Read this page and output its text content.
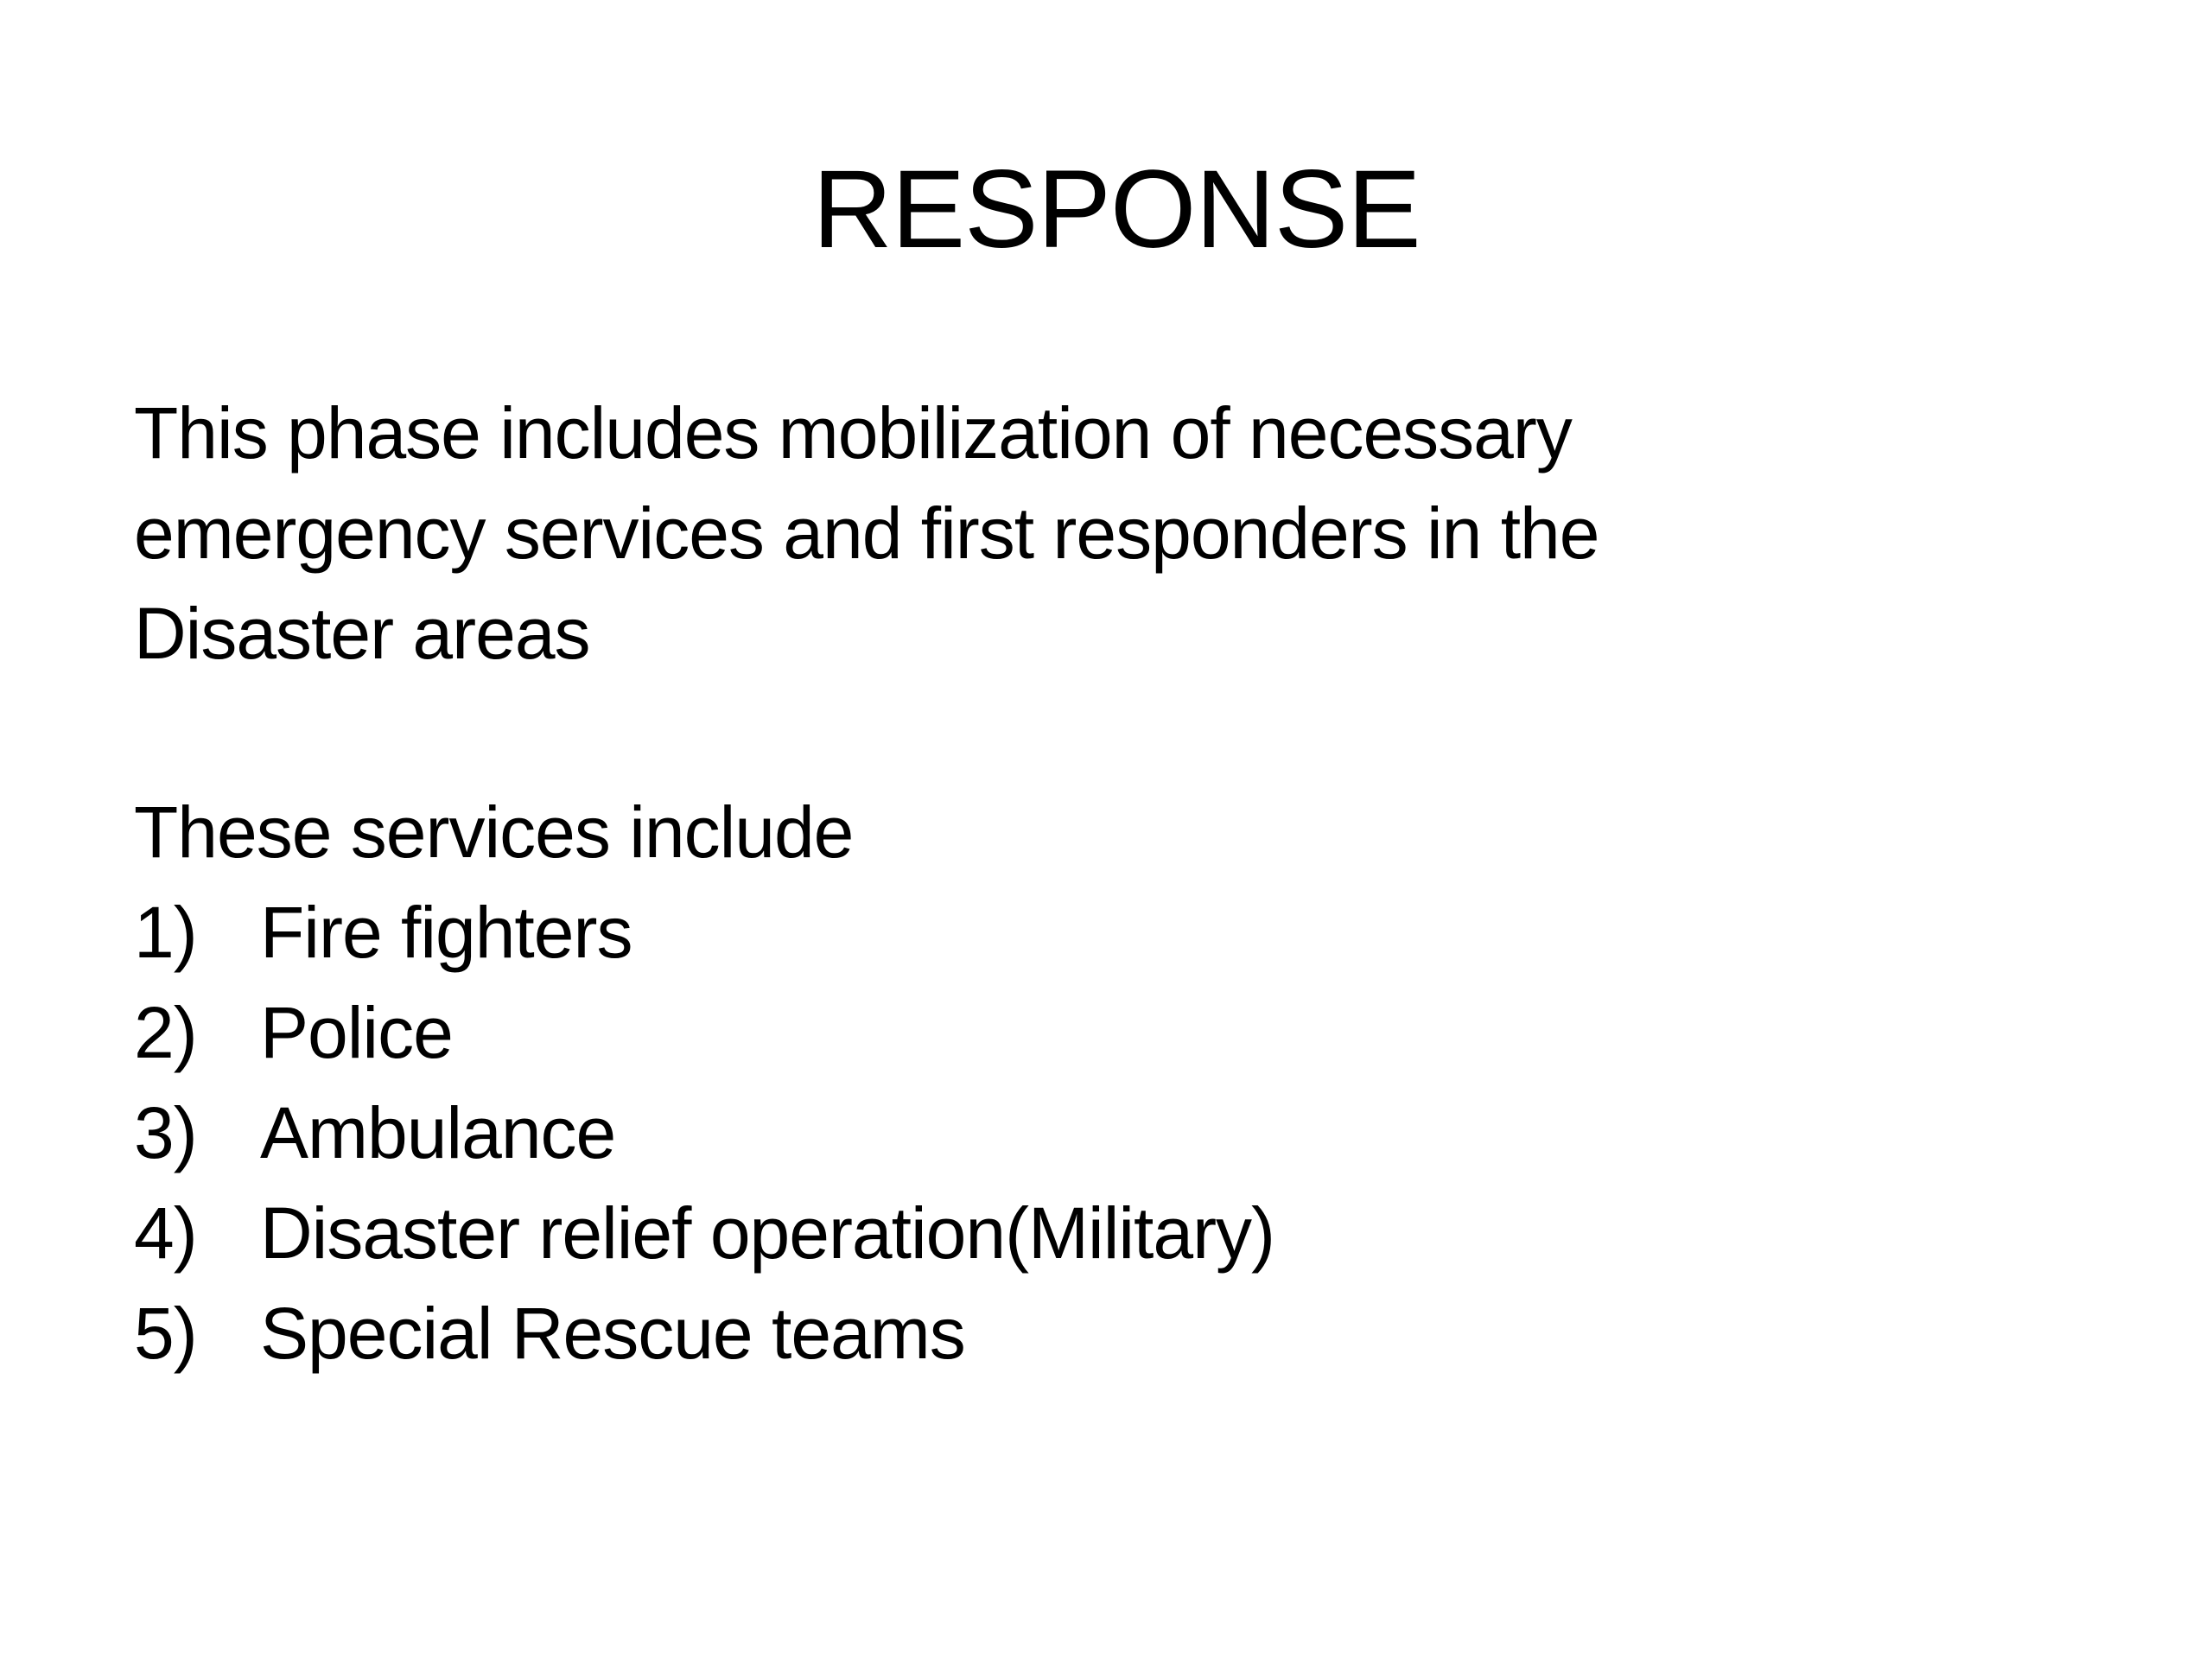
RESPONSE
This phase includes mobilization of necessary
emergency services and first responders in the
Disaster areas
These services include
1) Fire fighters
2) Police
3) Ambulance
4) Disaster relief operation(Military)
5) Special Rescue teams
